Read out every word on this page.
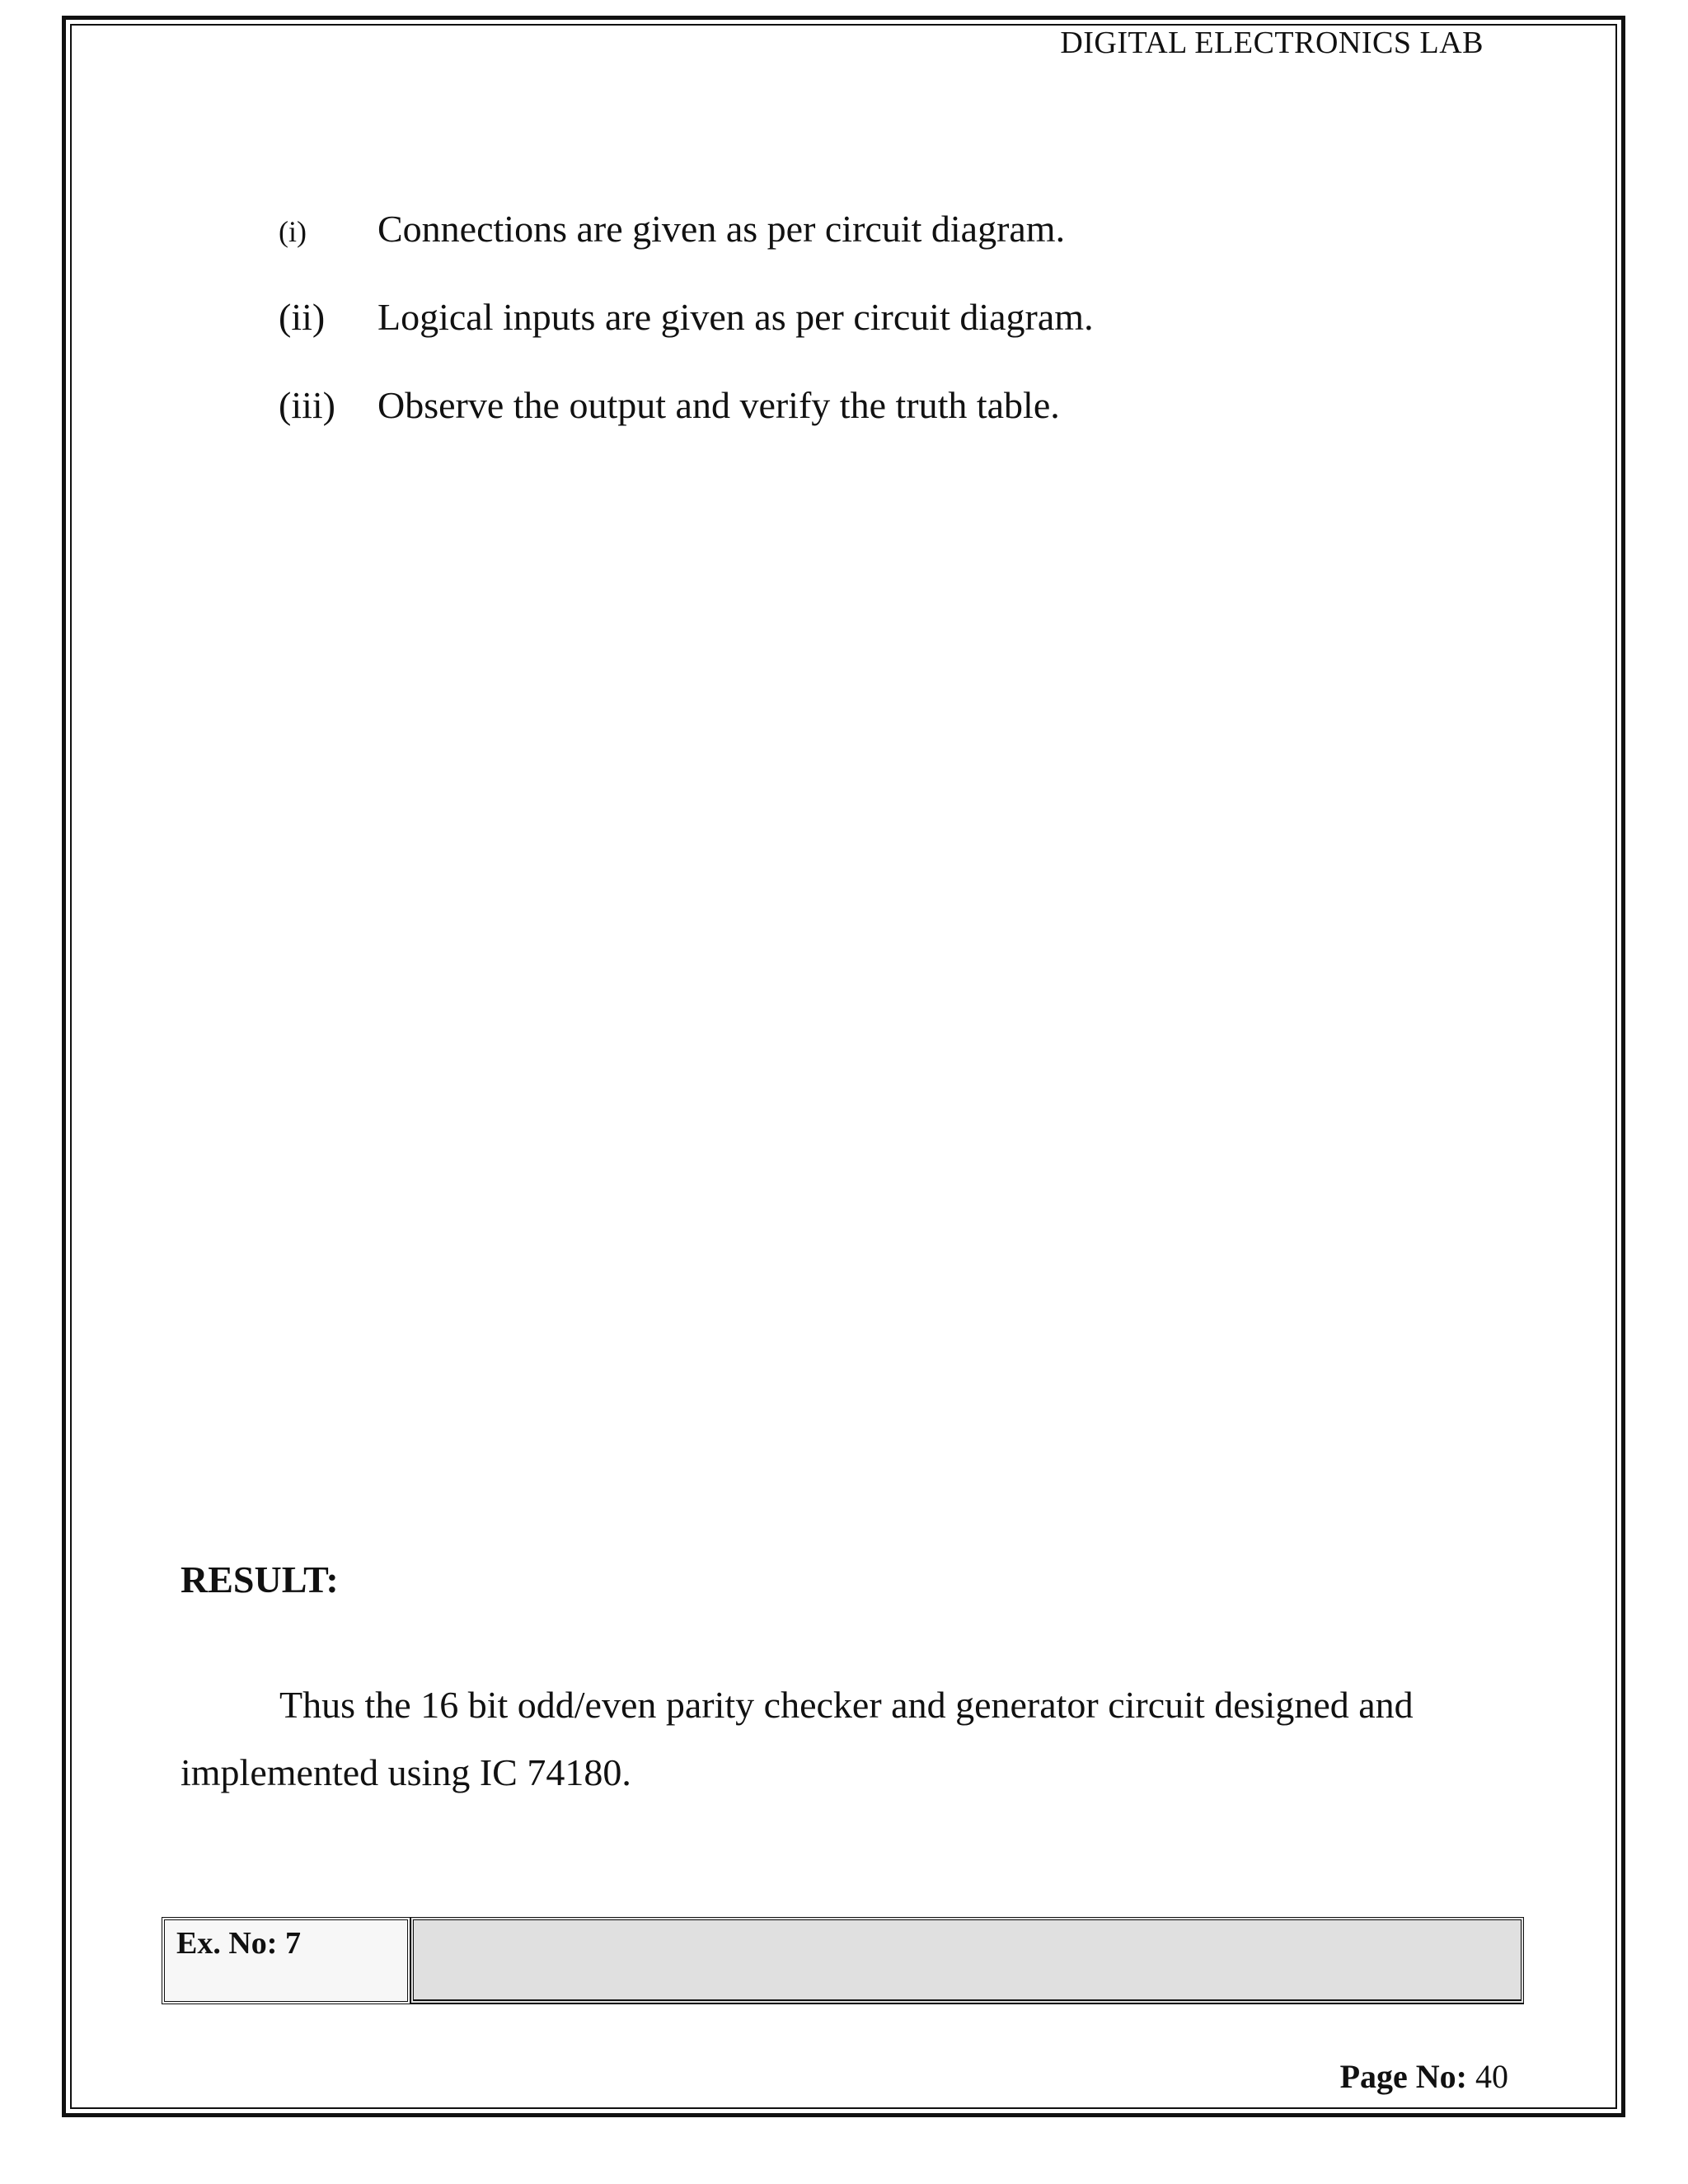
DIGITAL ELECTRONICS LAB
(i) Connections are given as per circuit diagram.
(ii) Logical inputs are given as per circuit diagram.
(iii) Observe the output and verify the truth table.
RESULT:
Thus the 16 bit odd/even parity checker and generator circuit designed and implemented using IC 74180.
Ex. No: 7
Page No: 40
